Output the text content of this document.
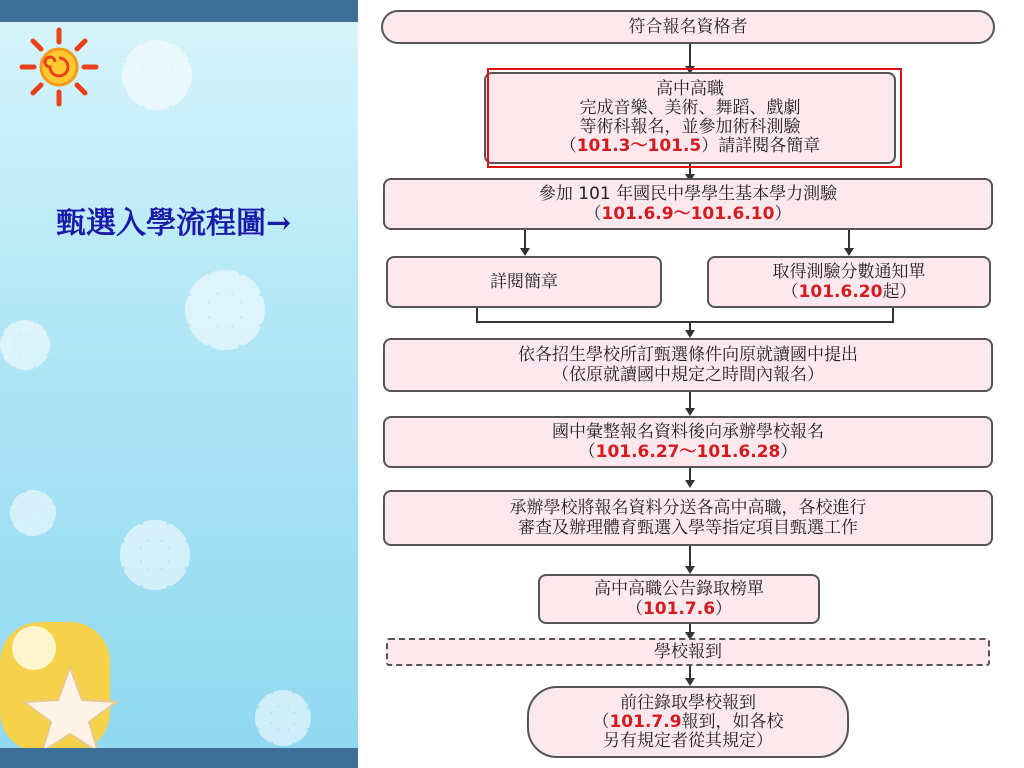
甄選入學流程圖→
符合報名資格者
高中高職
完成音樂、美術、舞蹈、戲劇
等術科報名，並參加術科測驗
（101.3～101.5）請詳閱各簡章
參加 101 年國民中學學生基本學力測驗
（101.6.9～101.6.10）
詳閱簡章	取得測驗分數通知單
（101.6.20起）
依各招生學校所訂甄選條件向原就讀國中提出
（依原就讀國中規定之時間內報名）
國中彙整報名資料後向承辦學校報名
（101.6.27～101.6.28）
承辦學校將報名資料分送各高中高職，各校進行
審查及辦理體育甄選入學等指定項目甄選工作
高中高職公告錄取榜單
（101.7.6）
學校報到
前往錄取學校報到
（101.7.9報到，如各校
另有規定者從其規定）
